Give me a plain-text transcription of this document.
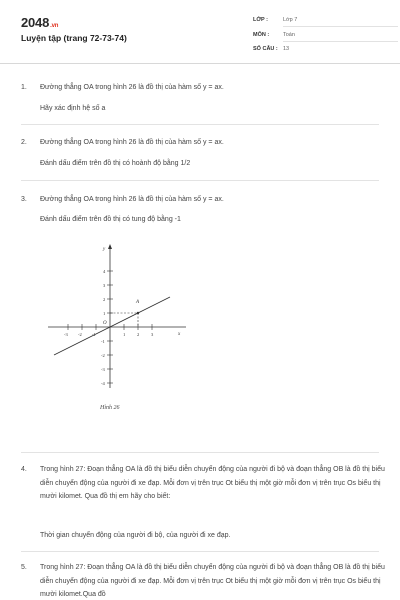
2048.vn
Luyện tập (trang 72-73-74)
LỚP :	Lớp 7
MÔN :	Toán
SỐ CÂU : 13
1. Đường thẳng OA trong hình 26 là đồ thị của hàm số y = ax.
Hãy xác định hệ số a
2. Đường thẳng OA trong hình 26 là đồ thị của hàm số y = ax.
Đánh dấu điểm trên đồ thị có hoành độ bằng 1/2
3. Đường thẳng OA trong hình 26 là đồ thị của hàm số y = ax.
Đánh dấu điểm trên đồ thị có tung độ bằng -1
y
x
O
A
4
3
2
1
-1
-2
-3
-4
-3 -2 -1	1	2	3
Hình 26
4. Trong hình 27: Đoạn thẳng OA là đồ thị biểu diễn chuyển động của người đi bộ và đoạn thẳng OB là đồ thị biểu diễn chuyển động của người đi xe đạp. Mỗi đơn vị trên trục Ot biểu thị một giờ mỗi đơn vị trên trục Os biểu thị mười kilomet. Qua đồ thị em hãy cho biết:
Thời gian chuyển động của người đi bộ, của người đi xe đạp.
5. Trong hình 27: Đoạn thẳng OA là đồ thị biểu diễn chuyển động của người đi bộ và đoạn thẳng OB là đồ thị biểu diễn chuyển động của người đi xe đạp. Mỗi đơn vị trên trục Ot biểu thị một giờ mỗi đơn vị trên trục Os biểu thị mười kilomet.Qua đồ
